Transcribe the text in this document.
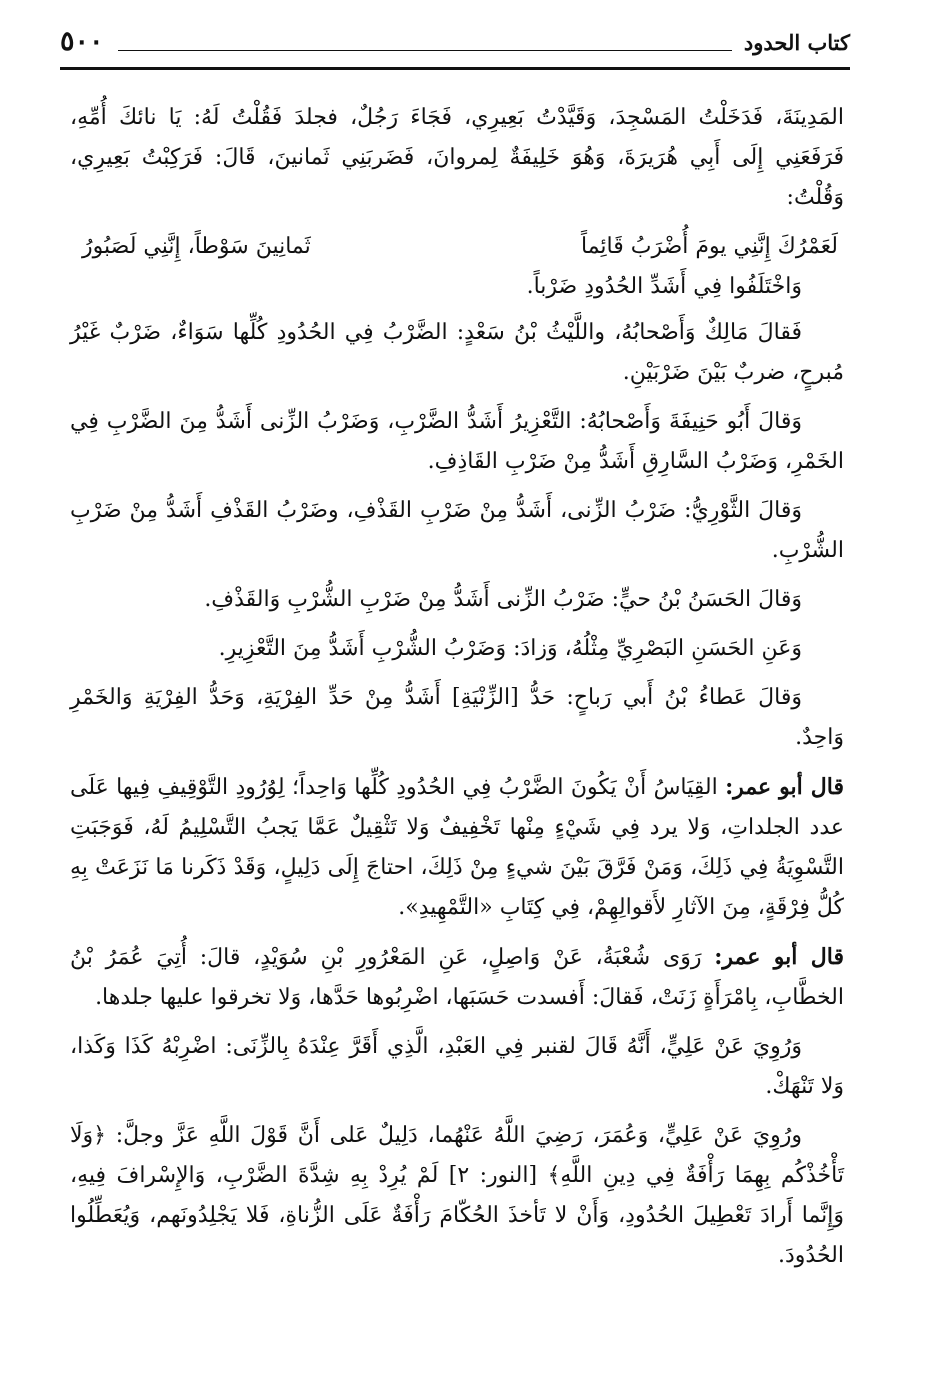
كتاب الحدود
٥٠٠

المَدِينَةَ، فَدَخَلْتُ المَسْجِدَ، وَقَيَّدْتُ بَعِيرِي، فَجَاءَ رَجُلٌ، فجلدَ فَقُلْتُ لَهُ: يَا نائكَ أُمِّهِ، فَرَفَعَنِي إِلَى أَبِي هُرَيرَةَ، وَهُوَ خَلِيفَةٌ لِمروانَ، فَضَربَنِي ثَمانينَ، قَالَ: فَرَكِبْتُ بَعِيرِي، وَقُلْتُ:

لَعَمْرُكَ إِنَّنِي يومَ أُضْرَبُ قَائِماً
ثَمانِينَ سَوْطاً، إِنَّنِي لَصَبُورُ
وَاخْتَلَفُوا فِي أَشَدِّ الحُدُودِ ضَرْباً.

فَقالَ مَالِكٌ وَأَصْحابُهُ، واللَّيْثُ بْنُ سَعْدٍ: الضَّرْبُ فِي الحُدُودِ كُلِّها سَوَاءٌ، ضَرْبٌ غَيْرُ مُبرحٍ، ضربٌ بَيْنَ ضَرْبَيْنِ.

وَقالَ أَبُو حَنِيفَةَ وَأَصْحابُهُ: التَّعْزِيرُ أَشَدُّ الضَّرْبِ، وَضَرْبُ الزِّنى أَشَدُّ مِنَ الضَّرْبِ فِي الخَمْرِ، وَضَرْبُ السَّارِقِ أَشَدُّ مِنْ ضَرْبِ القَاذِفِ.

وَقالَ الثَّوْرِيُّ: ضَرْبُ الزِّنى، أَشَدُّ مِنْ ضَرْبِ القَذْفِ، وضَرْبُ القَذْفِ أَشَدُّ مِنْ ضَرْبِ الشُّرْبِ.

وَقالَ الحَسَنُ بْنُ حيٍّ: ضَرْبُ الزِّنى أَشَدُّ مِنْ ضَرْبِ الشُّرْبِ وَالقَذْفِ.

وَعَنِ الحَسَنِ البَصْرِيِّ مِثْلُهُ، وَزادَ: وَضَرْبُ الشُّرْبِ أَشَدُّ مِنَ التَّعْزِيرِ.

وَقالَ عَطاءُ بْنُ أَبي رَباحٍ: حَدُّ [الزِّنْيَةِ] أَشَدُّ مِنْ حَدِّ الفِرْيَةِ، وَحَدُّ الفِرْيَةِ وَالخَمْرِ وَاحِدٌ.

قال أبو عمر: القِيَاسُ أَنْ يَكُونَ الضَّرْبُ فِي الحُدُودِ كُلِّها وَاحِداً؛ لِوُرُودِ التَّوْقِيفِ فِيها عَلَى عدد الجلداتِ، وَلا يرد فِي شَيْءٍ مِنْها تَخْفِيفٌ وَلا تَثْقِيلٌ عَمَّا يَجبُ التَّسْلِيمُ لَهُ، فَوَجَبَتِ التَّسْوِيَةُ فِي ذَلِكَ، وَمَنْ فَرَّقَ بَيْنَ شيءٍ مِنْ ذَلِكَ، احتاجَ إِلَى دَلِيلٍ، وَقَدْ ذَكَرنا مَا نَزَعَتْ بِهِ كُلُّ فِرْقَةٍ، مِنَ الآثارِ لأَقوالِهِمْ، فِي كِتَابِ «التَّمْهِيدِ».

قال أبو عمر: رَوَى شُعْبَةُ، عَنْ وَاصِلٍ، عَنِ المَعْرُورِ بْنِ سُوَيْدٍ، قالَ: أُتِيَ عُمَرُ بْنُ الخطَّابِ، بِامْرَأَةٍ زَنَتْ، فَقالَ: أَفسدت حَسَبَها، اضْرِبُوها حَدَّها، وَلا تخرقوا عليها جلدها.

وَرُوِيَ عَنْ عَلِيٍّ، أَنَّهُ قَالَ لقنبر فِي العَبْدِ، الَّذِي أَقَرَّ عِنْدَهُ بِالزِّنَى: اضْرِبْهُ كَذَا وَكَذا، وَلا تَنْهَكْ.

ورُوِيَ عَنْ عَلِيٍّ، وَعُمَرَ، رَضِيَ اللَّهُ عَنْهُما، دَلِيلٌ عَلى أَنَّ قَوْلَ اللَّهِ عَزَّ وجلَّ: ﴿وَلَا تَأْخُذْكُم بِهِمَا رَأْفَةٌ فِي دِينِ اللَّهِ﴾ [النور: ٢] لَمْ يُرِدْ بِهِ شِدَّةَ الضَّرْبِ، وَالإِسْرافَ فِيهِ، وَإِنَّما أَرادَ تَعْطِيلَ الحُدُودِ، وَأَنْ لا تَأخذَ الحُكّامَ رَأْفَةٌ عَلَى الزُّناةِ، فَلا يَجْلِدُونَهم، وَيُعَطِّلُوا الحُدُودَ.
